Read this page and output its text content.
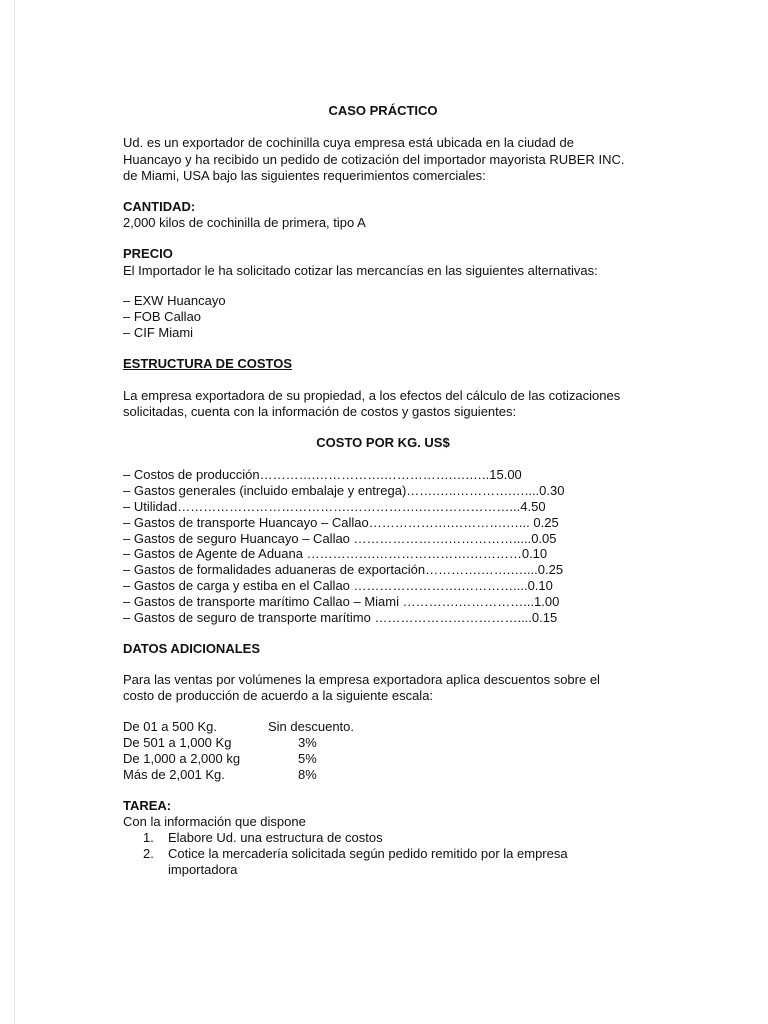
CASO PRÁCTICO
Ud. es un exportador de cochinilla cuya empresa está ubicada en la ciudad de
Huancayo y ha recibido un pedido de cotización del importador mayorista RUBER INC.
de Miami, USA bajo las siguientes requerimientos comerciales:
CANTIDAD:
2,000 kilos de cochinilla de primera, tipo A
PRECIO
El Importador le ha solicitado cotizar las mercancías en las siguientes alternativas:
– EXW Huancayo
– FOB Callao
– CIF Miami
ESTRUCTURA DE COSTOS
La empresa exportadora de su propiedad, a los efectos del cálculo de las cotizaciones
solicitadas, cuenta con la información de costos y gastos siguientes:
COSTO POR KG. US$
– Costos de producción………….…………….…………….….…..15.00
– Gastos generales (incluido embalaje y entrega)…….…..………….…....0.30
– Utilidad………………………………….…………….…………………...4.50
– Gastos de transporte Huancayo – Callao……………….………….…... 0.25
– Gastos de seguro Huancayo – Callao ………………….…………….....0.05
– Gastos de Agente de Aduana …………….………………….…………0.10
– Gastos de formalidades aduaneras de exportación………….…….…....0.25
– Gastos de carga y estiba en el Callao …………………….…………....0.10
– Gastos de transporte marítimo Callao – Miami ………….……………...1.00
– Gastos de seguro de transporte marítimo ……………………………....0.15
DATOS ADICIONALES
Para las ventas por volúmenes la empresa exportadora aplica descuentos sobre el
costo de producción de acuerdo a la siguiente escala:
De 01 a 500 Kg.	Sin descuento.
De 501 a 1,000 Kg	3%
De 1,000 a 2,000 kg	5%
Más de 2,001 Kg.	8%
TAREA:
Con la información que dispone
1. Elabore Ud. una estructura de costos
2. Cotice la mercadería solicitada según pedido remitido por la empresa
importadora
